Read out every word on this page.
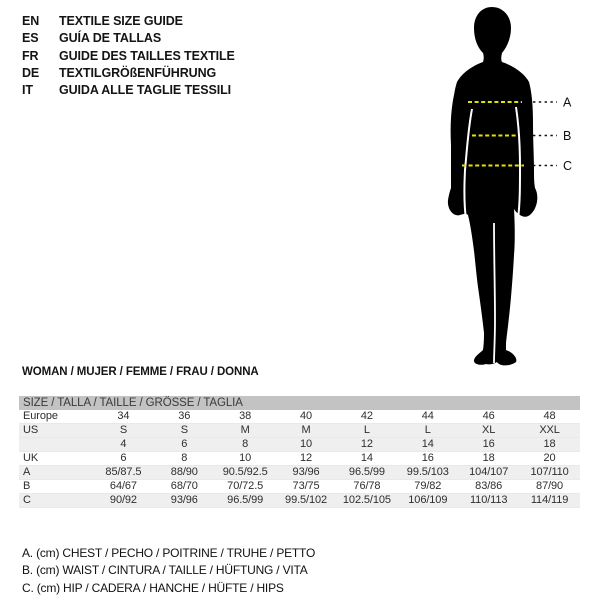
EN TEXTILE SIZE GUIDE
ES GUÍA DE TALLAS
FR GUIDE DES TAILLES TEXTILE
DE TEXTILGRÖßENFÜHRUNG
IT GUIDA ALLE TAGLIE TESSILI
A
B
C
WOMAN / MUJER / FEMME / FRAU / DONNA
SIZE / TALLA / TAILLE / GRÖSSE / TAGLIA								
Europe	34	36	38	40	42	44	46	48
US	S	S	M	M	L	L	XL	XXL
	4	6	8	10	12	14	16	18
UK	6	8	10	12	14	16	18	20
A	85/87.5	88/90	90.5/92.5	93/96	96.5/99	99.5/103	104/107	107/110
B	64/67	68/70	70/72.5	73/75	76/78	79/82	83/86	87/90
C	90/92	93/96	96.5/99	99.5/102	102.5/105	106/109	110/113	114/119
A. (cm) CHEST / PECHO / POITRINE / TRUHE / PETTO
B. (cm) WAIST / CINTURA / TAILLE / HÜFTUNG / VITA
C. (cm) HIP / CADERA / HANCHE / HÜFTE / HIPS
